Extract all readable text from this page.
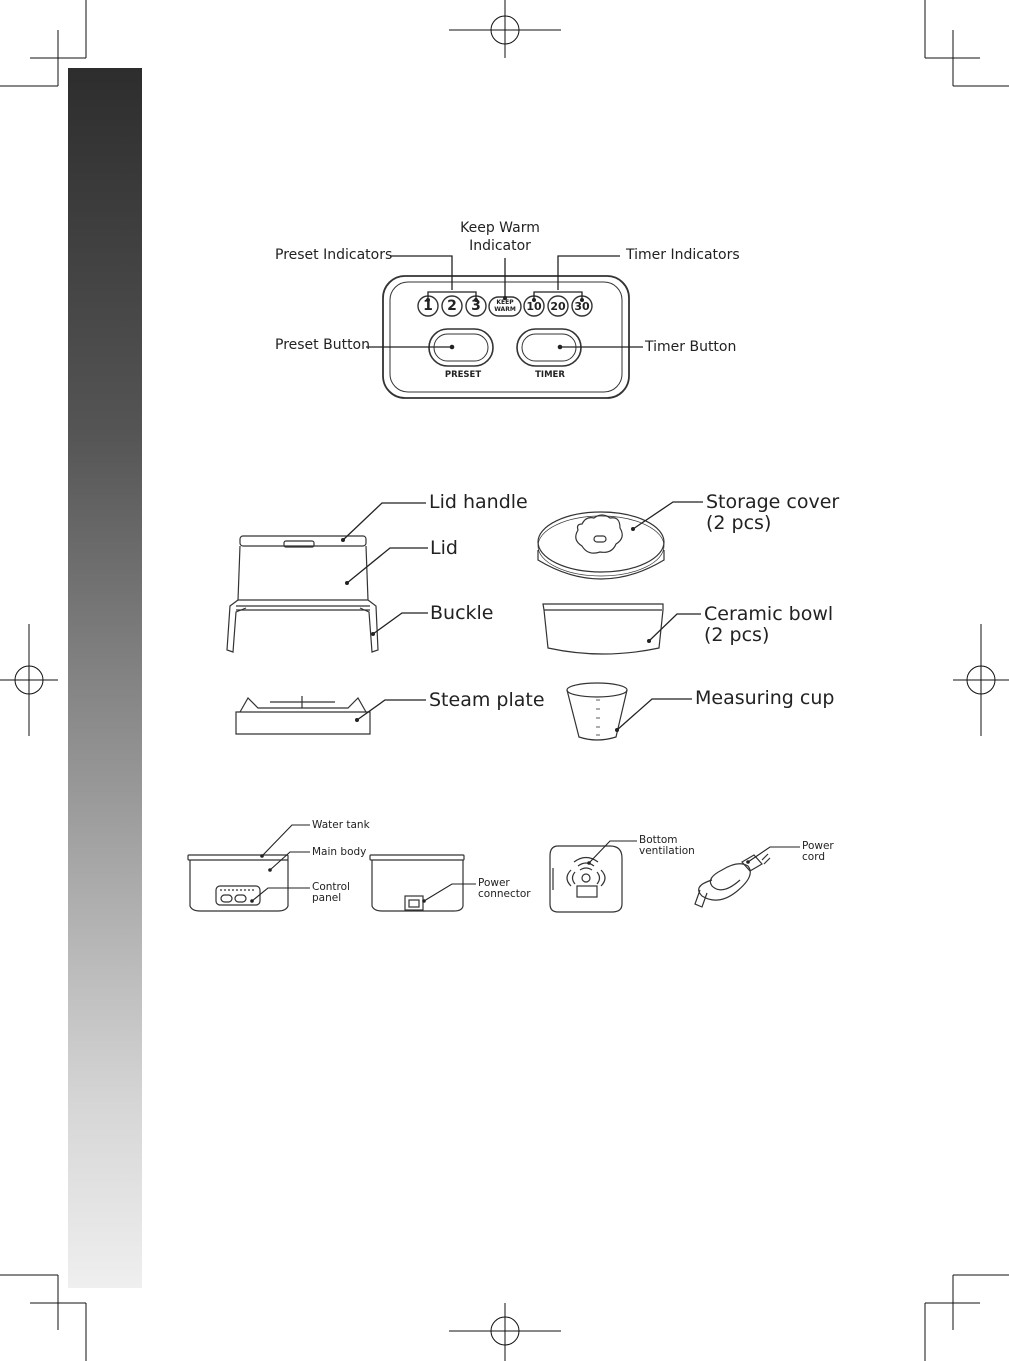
1 2 3	KEEP
WARM 10 20 30
PRESET	TIMER
Preset Indicators
Keep Warm
Indicator
Timer Indicators
Preset Button	Timer Button
Lid handle
Lid
Buckle
Steam plate
Storage cover
(2 pcs)
Ceramic bowl
(2 pcs)
Measuring cup
Water tank
Main body
Control
panel
Power
connector
Bottom
ventilation	Power
cord
